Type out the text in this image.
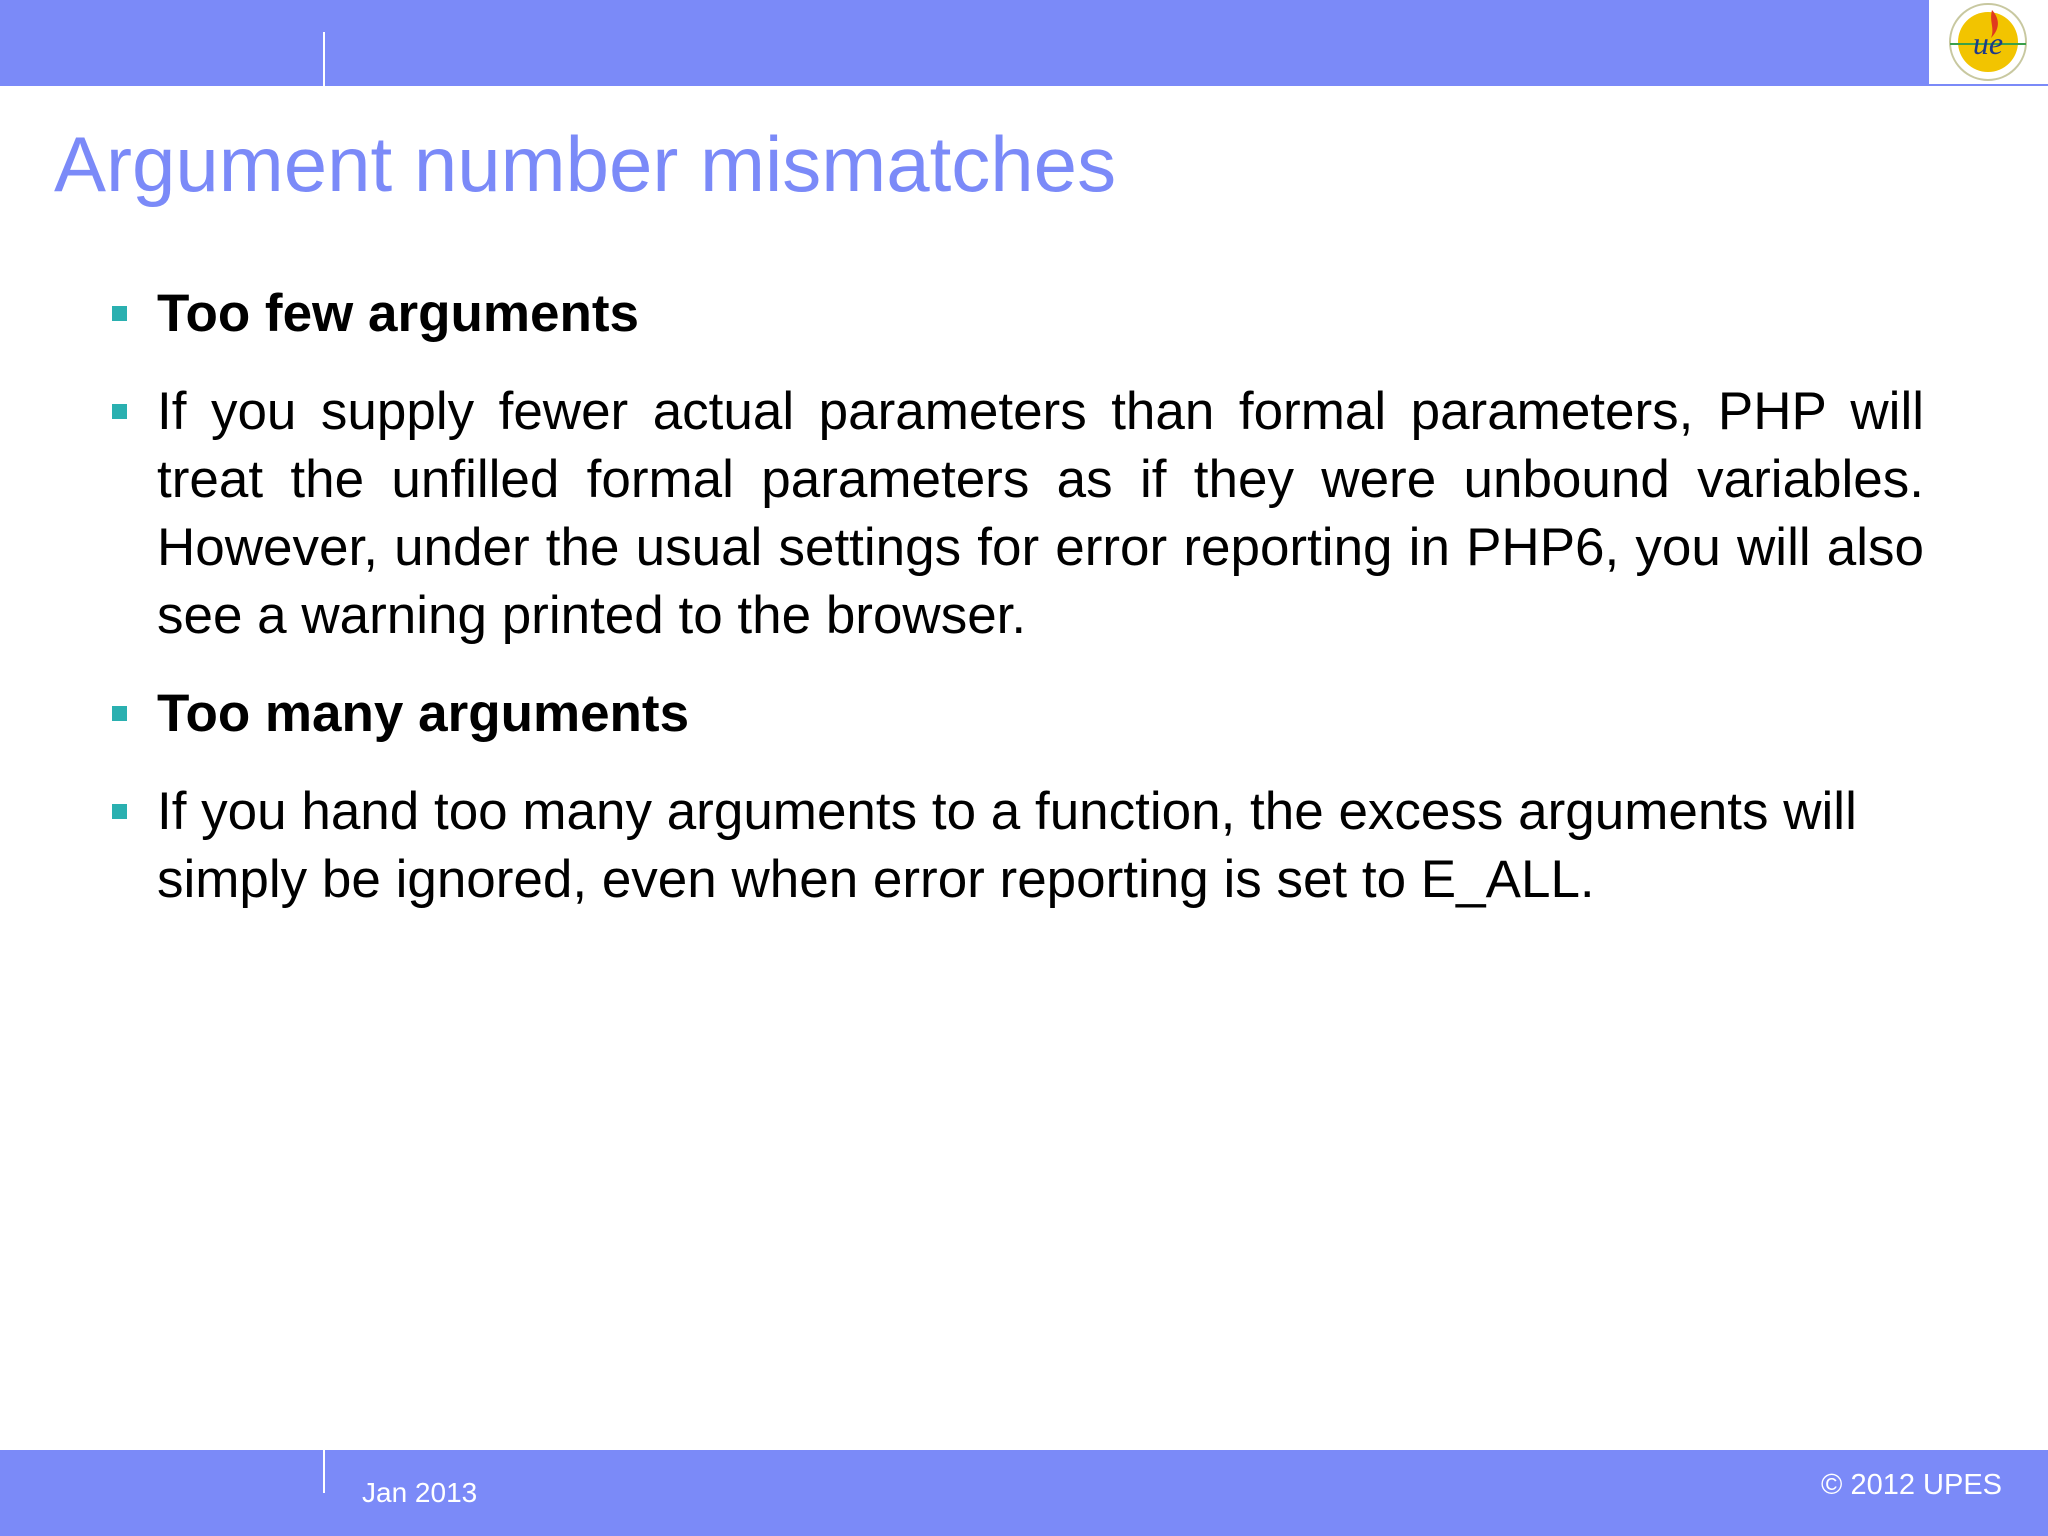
ue
Argument number mismatches
Too few arguments
If you supply fewer actual parameters than formal parameters, PHP will treat the unfilled formal parameters as if they were unbound variables. However, under the usual settings for error reporting in PHP6, you will also see a warning printed to the browser.
Too many arguments
If you hand too many arguments to a function, the excess arguments will simply be ignored, even when error reporting is set to E_ALL.
Jan 2013	© 2012 UPES
